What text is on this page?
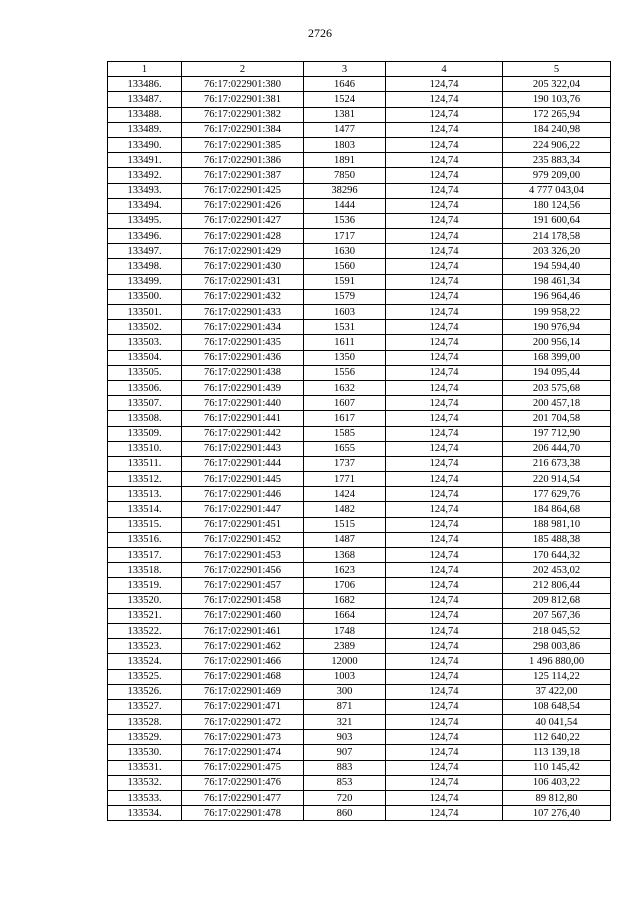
2726
1	2	3	4	5
133486.	76:17:022901:380	1646	124,74	205 322,04
133487.	76:17:022901:381	1524	124,74	190 103,76
133488.	76:17:022901:382	1381	124,74	172 265,94
133489.	76:17:022901:384	1477	124,74	184 240,98
133490.	76:17:022901:385	1803	124,74	224 906,22
133491.	76:17:022901:386	1891	124,74	235 883,34
133492.	76:17:022901:387	7850	124,74	979 209,00
133493.	76:17:022901:425	38296	124,74	4 777 043,04
133494.	76:17:022901:426	1444	124,74	180 124,56
133495.	76:17:022901:427	1536	124,74	191 600,64
133496.	76:17:022901:428	1717	124,74	214 178,58
133497.	76:17:022901:429	1630	124,74	203 326,20
133498.	76:17:022901:430	1560	124,74	194 594,40
133499.	76:17:022901:431	1591	124,74	198 461,34
133500.	76:17:022901:432	1579	124,74	196 964,46
133501.	76:17:022901:433	1603	124,74	199 958,22
133502.	76:17:022901:434	1531	124,74	190 976,94
133503.	76:17:022901:435	1611	124,74	200 956,14
133504.	76:17:022901:436	1350	124,74	168 399,00
133505.	76:17:022901:438	1556	124,74	194 095,44
133506.	76:17:022901:439	1632	124,74	203 575,68
133507.	76:17:022901:440	1607	124,74	200 457,18
133508.	76:17:022901:441	1617	124,74	201 704,58
133509.	76:17:022901:442	1585	124,74	197 712,90
133510.	76:17:022901:443	1655	124,74	206 444,70
133511.	76:17:022901:444	1737	124,74	216 673,38
133512.	76:17:022901:445	1771	124,74	220 914,54
133513.	76:17:022901:446	1424	124,74	177 629,76
133514.	76:17:022901:447	1482	124,74	184 864,68
133515.	76:17:022901:451	1515	124,74	188 981,10
133516.	76:17:022901:452	1487	124,74	185 488,38
133517.	76:17:022901:453	1368	124,74	170 644,32
133518.	76:17:022901:456	1623	124,74	202 453,02
133519.	76:17:022901:457	1706	124,74	212 806,44
133520.	76:17:022901:458	1682	124,74	209 812,68
133521.	76:17:022901:460	1664	124,74	207 567,36
133522.	76:17:022901:461	1748	124,74	218 045,52
133523.	76:17:022901:462	2389	124,74	298 003,86
133524.	76:17:022901:466	12000	124,74	1 496 880,00
133525.	76:17:022901:468	1003	124,74	125 114,22
133526.	76:17:022901:469	300	124,74	37 422,00
133527.	76:17:022901:471	871	124,74	108 648,54
133528.	76:17:022901:472	321	124,74	40 041,54
133529.	76:17:022901:473	903	124,74	112 640,22
133530.	76:17:022901:474	907	124,74	113 139,18
133531.	76:17:022901:475	883	124,74	110 145,42
133532.	76:17:022901:476	853	124,74	106 403,22
133533.	76:17:022901:477	720	124,74	89 812,80
133534.	76:17:022901:478	860	124,74	107 276,40
